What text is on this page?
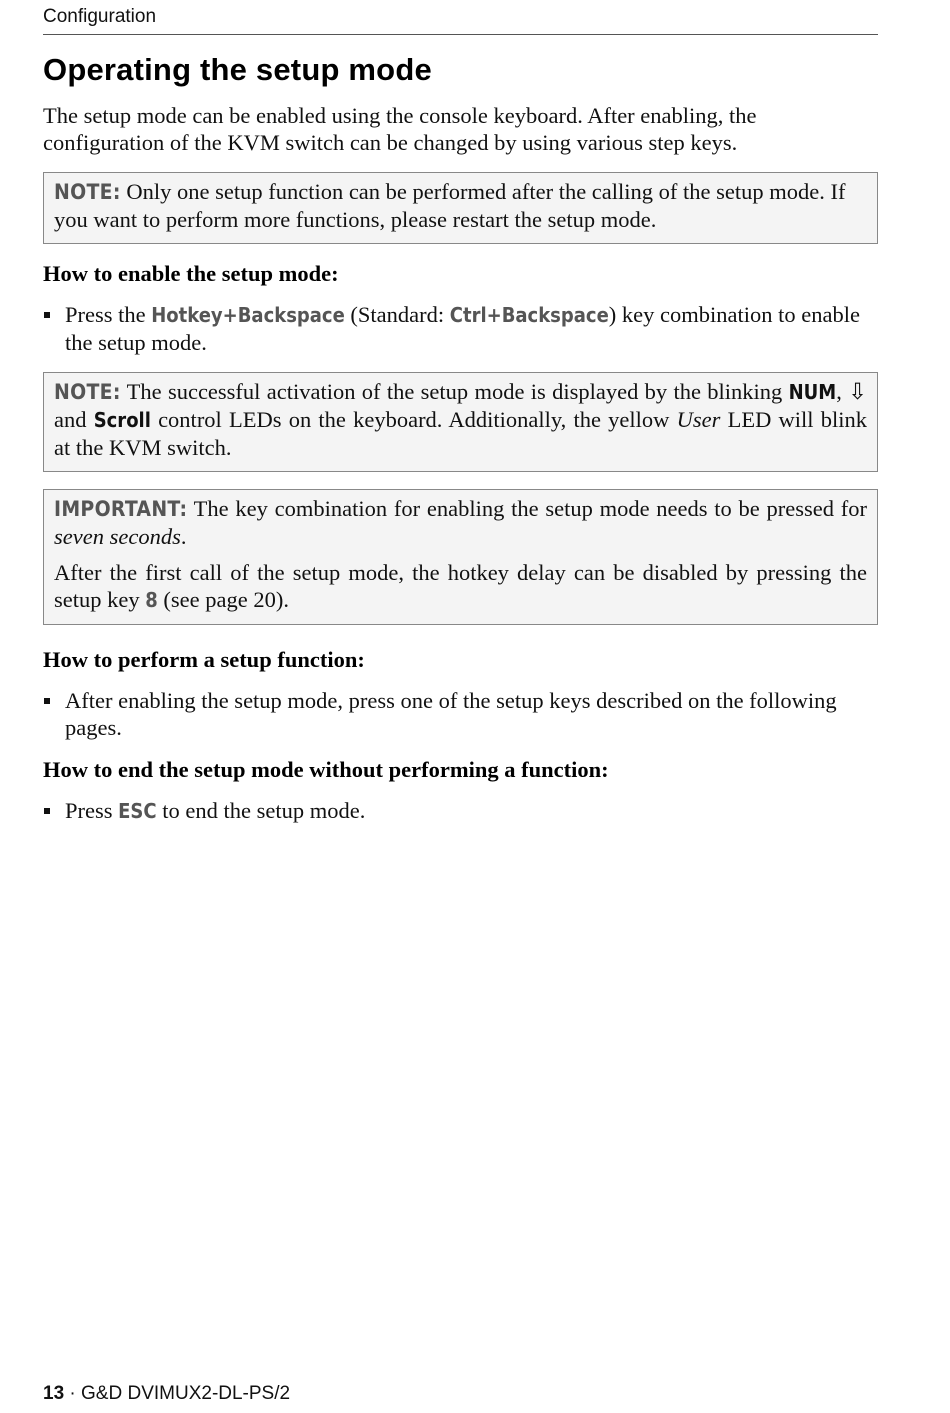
Configuration
Operating the setup mode

The setup mode can be enabled using the console keyboard. After enabling, the configuration of the KVM switch can be changed by using various step keys.

NOTE: Only one setup function can be performed after the calling of the setup mode. If you want to perform more functions, please restart the setup mode.

How to enable the setup mode:
Press the Hotkey+Backspace (Standard: Ctrl+Backspace) key combination to enable the setup mode.

NOTE: The successful activation of the setup mode is displayed by the blinking NUM, ⇩ and Scroll control LEDs on the keyboard. Additionally, the yellow User LED will blink at the KVM switch.

IMPORTANT: The key combination for enabling the setup mode needs to be pressed for seven seconds.

After the first call of the setup mode, the hotkey delay can be disabled by pressing the setup key 8 (see page 20).

How to perform a setup function:
After enabling the setup mode, press one of the setup keys described on the following pages.
How to end the setup mode without performing a function:
Press ESC to end the setup mode.
13 · G&D DVIMUX2-DL-PS/2
